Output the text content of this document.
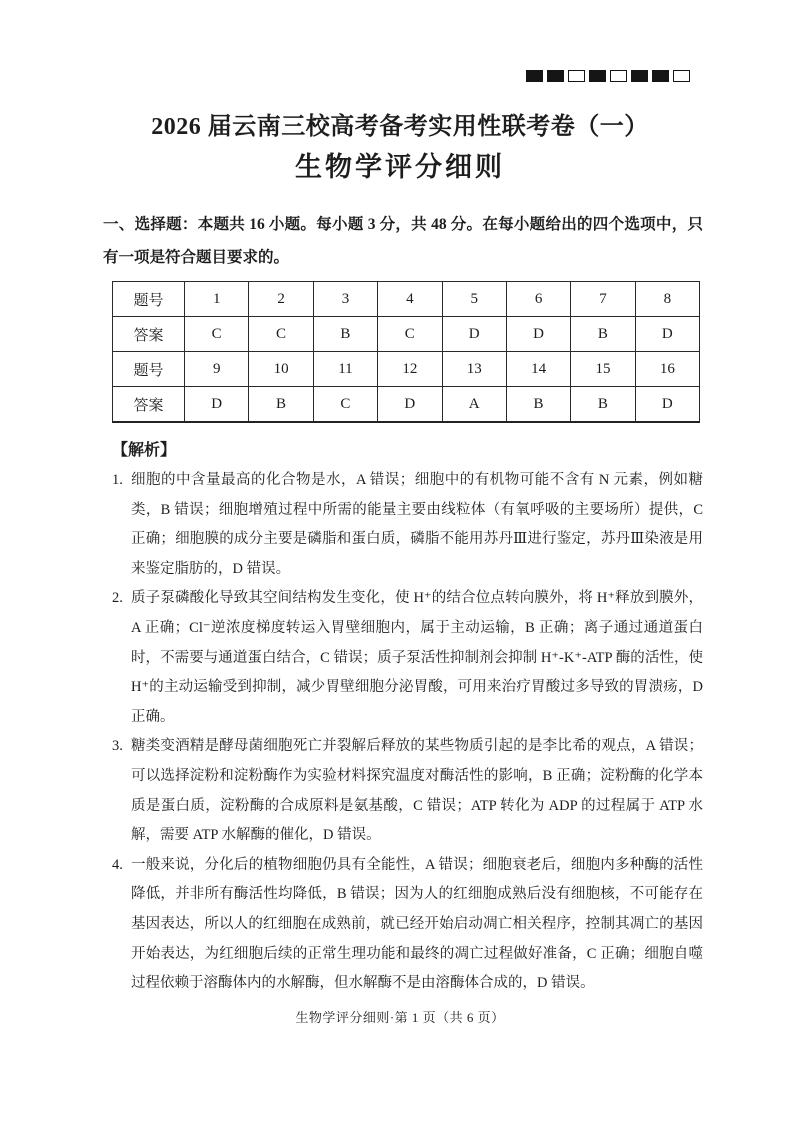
2026 届云南三校高考备考实用性联考卷（一）
生物学评分细则
一、选择题：本题共 16 小题。每小题 3 分，共 48 分。在每小题给出的四个选项中，只有一项是符合题目要求的。
题号	1	2	3	4	5	6	7	8
答案	C	C	B	C	D	D	B	D
题号	9	10	11	12	13	14	15	16
答案	D	B	C	D	A	B	B	D
【解析】
1. 细胞的中含量最高的化合物是水，A 错误；细胞中的有机物可能不含有 N 元素，例如糖类，B 错误；细胞增殖过程中所需的能量主要由线粒体（有氧呼吸的主要场所）提供，C 正确；细胞膜的成分主要是磷脂和蛋白质，磷脂不能用苏丹Ⅲ进行鉴定，苏丹Ⅲ染液是用来鉴定脂肪的，D 错误。
2. 质子泵磷酸化导致其空间结构发生变化，使 H⁺的结合位点转向膜外，将 H⁺释放到膜外，A 正确；Cl⁻逆浓度梯度转运入胃壁细胞内，属于主动运输，B 正确；离子通过通道蛋白时，不需要与通道蛋白结合，C 错误；质子泵活性抑制剂会抑制 H⁺-K⁺-ATP 酶的活性，使 H⁺的主动运输受到抑制，减少胃壁细胞分泌胃酸，可用来治疗胃酸过多导致的胃溃疡，D 正确。
3. 糖类变酒精是酵母菌细胞死亡并裂解后释放的某些物质引起的是李比希的观点，A 错误；可以选择淀粉和淀粉酶作为实验材料探究温度对酶活性的影响，B 正确；淀粉酶的化学本质是蛋白质，淀粉酶的合成原料是氨基酸，C 错误；ATP 转化为 ADP 的过程属于 ATP 水解，需要 ATP 水解酶的催化，D 错误。
4. 一般来说，分化后的植物细胞仍具有全能性，A 错误；细胞衰老后，细胞内多种酶的活性降低，并非所有酶活性均降低，B 错误；因为人的红细胞成熟后没有细胞核，不可能存在基因表达，所以人的红细胞在成熟前，就已经开始启动凋亡相关程序，控制其凋亡的基因开始表达，为红细胞后续的正常生理功能和最终的凋亡过程做好准备，C 正确；细胞自噬过程依赖于溶酶体内的水解酶，但水解酶不是由溶酶体合成的，D 错误。
生物学评分细则·第 1 页（共 6 页）
